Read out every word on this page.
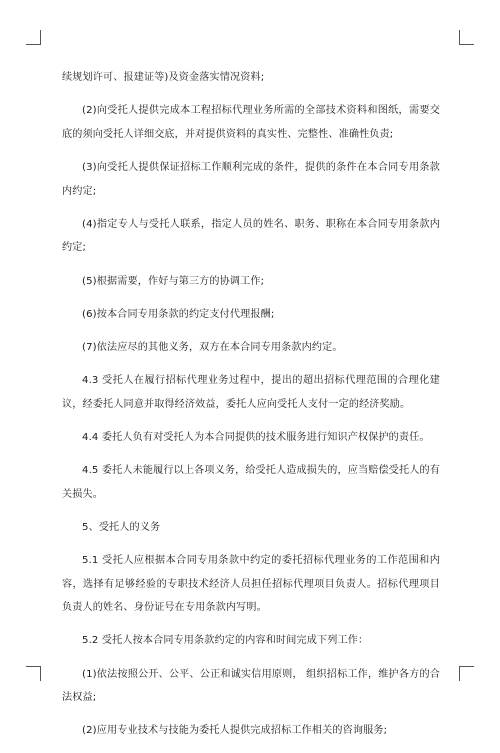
续规划许可、报建证等)及资金落实情况资料;

(2)向受托人提供完成本工程招标代理业务所需的全部技术资料和图纸，需要交底的须向受托人详细交底，并对提供资料的真实性、完整性、准确性负责;

(3)向受托人提供保证招标工作顺利完成的条件，提供的条件在本合同专用条款内约定;

(4)指定专人与受托人联系，指定人员的姓名、职务、职称在本合同专用条款内约定;

(5)根据需要，作好与第三方的协调工作;

(6)按本合同专用条款的约定支付代理报酬;

(7)依法应尽的其他义务，双方在本合同专用条款内约定。

4.3 受托人在履行招标代理业务过程中，提出的超出招标代理范围的合理化建议，经委托人同意并取得经济效益，委托人应向受托人支付一定的经济奖励。

4.4 委托人负有对受托人为本合同提供的技术服务进行知识产权保护的责任。

4.5 委托人未能履行以上各项义务，给受托人造成损失的，应当赔偿受托人的有关损失。

5、受托人的义务

5.1 受托人应根据本合同专用条款中约定的委托招标代理业务的工作范围和内容，选择有足够经验的专职技术经济人员担任招标代理项目负责人。招标代理项目负责人的姓名、身份证号在专用条款内写明。

5.2 受托人按本合同专用条款约定的内容和时间完成下列工作：

(1)依法按照公开、公平、公正和诚实信用原则， 组织招标工作，维护各方的合法权益;

(2)应用专业技术与技能为委托人提供完成招标工作相关的咨询服务;
